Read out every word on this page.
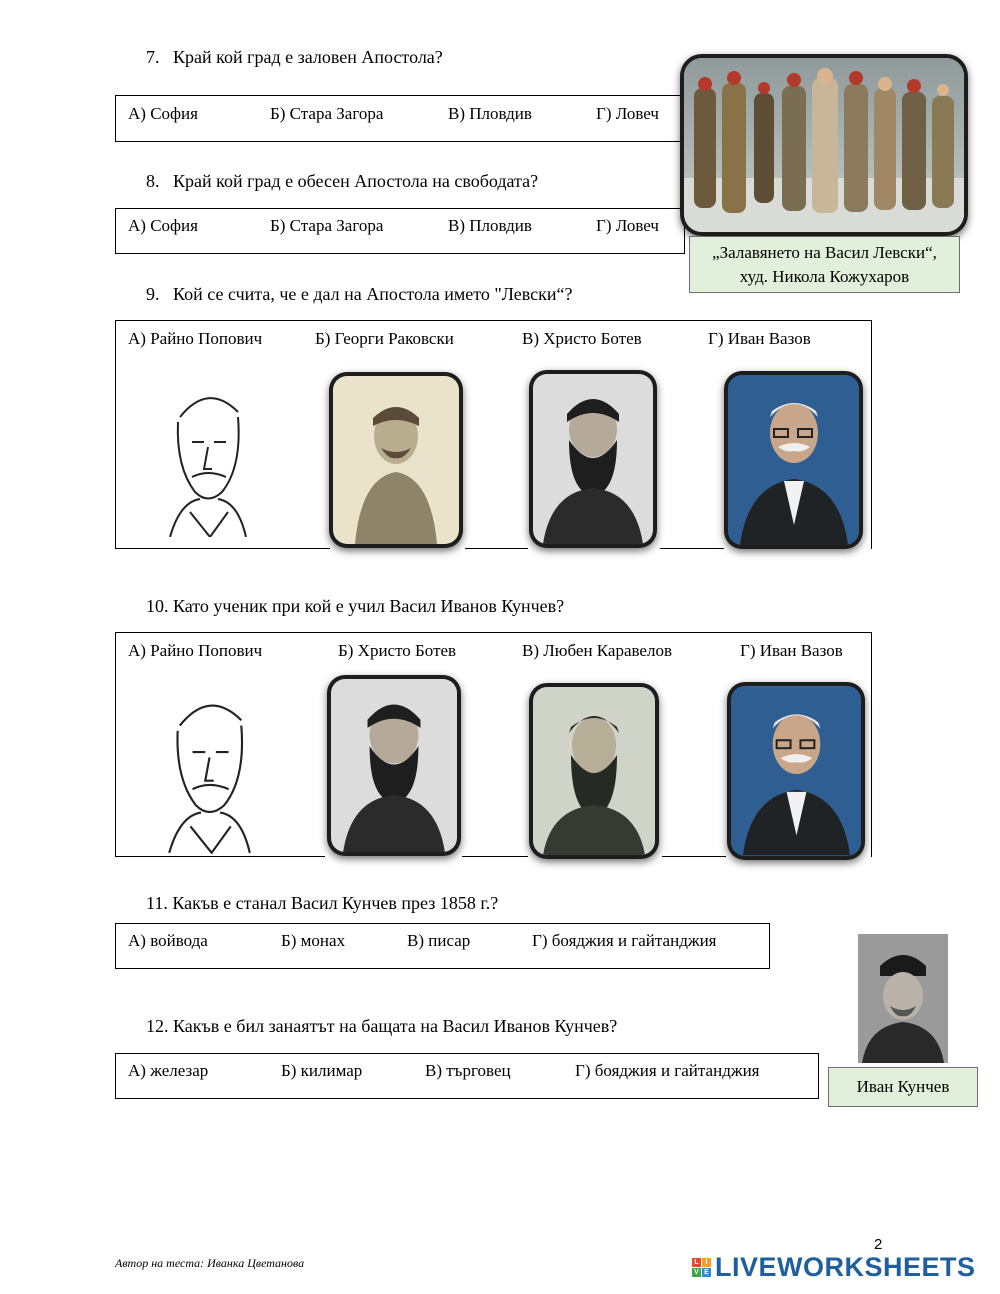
7.   Край кой град е заловен Апостола?
А) София	Б) Стара Загора	В) Пловдив	Г) Ловеч
8.   Край кой град е обесен Апостола на свободата?
А) София	Б) Стара Загора	В) Пловдив	Г) Ловеч
„Залавянето на Васил Левски“,
худ. Никола Кожухаров
9.   Кой се счита, че е дал на Апостола името "Левски“?
А) Райно Попович	Б) Георги Раковски	В) Христо Ботев	Г) Иван Вазов
10. Като ученик при кой е учил Васил Иванов Кунчев?
А) Райно Попович	Б) Христо Ботев	В) Любен Каравелов	Г) Иван Вазов
11. Какъв е станал Васил Кунчев през 1858 г.?
А) войвода	Б) монах	В) писар	Г) бояджия и гайтанджия
Иван Кунчев
12. Какъв е бил занаятът на бащата на Васил Иванов Кунчев?
А) железар	Б) килимар	В) търговец	Г) бояджия и гайтанджия
Автор на теста: Иванка Цветанова
2
L I
V E LIVEWORKSHEETS
